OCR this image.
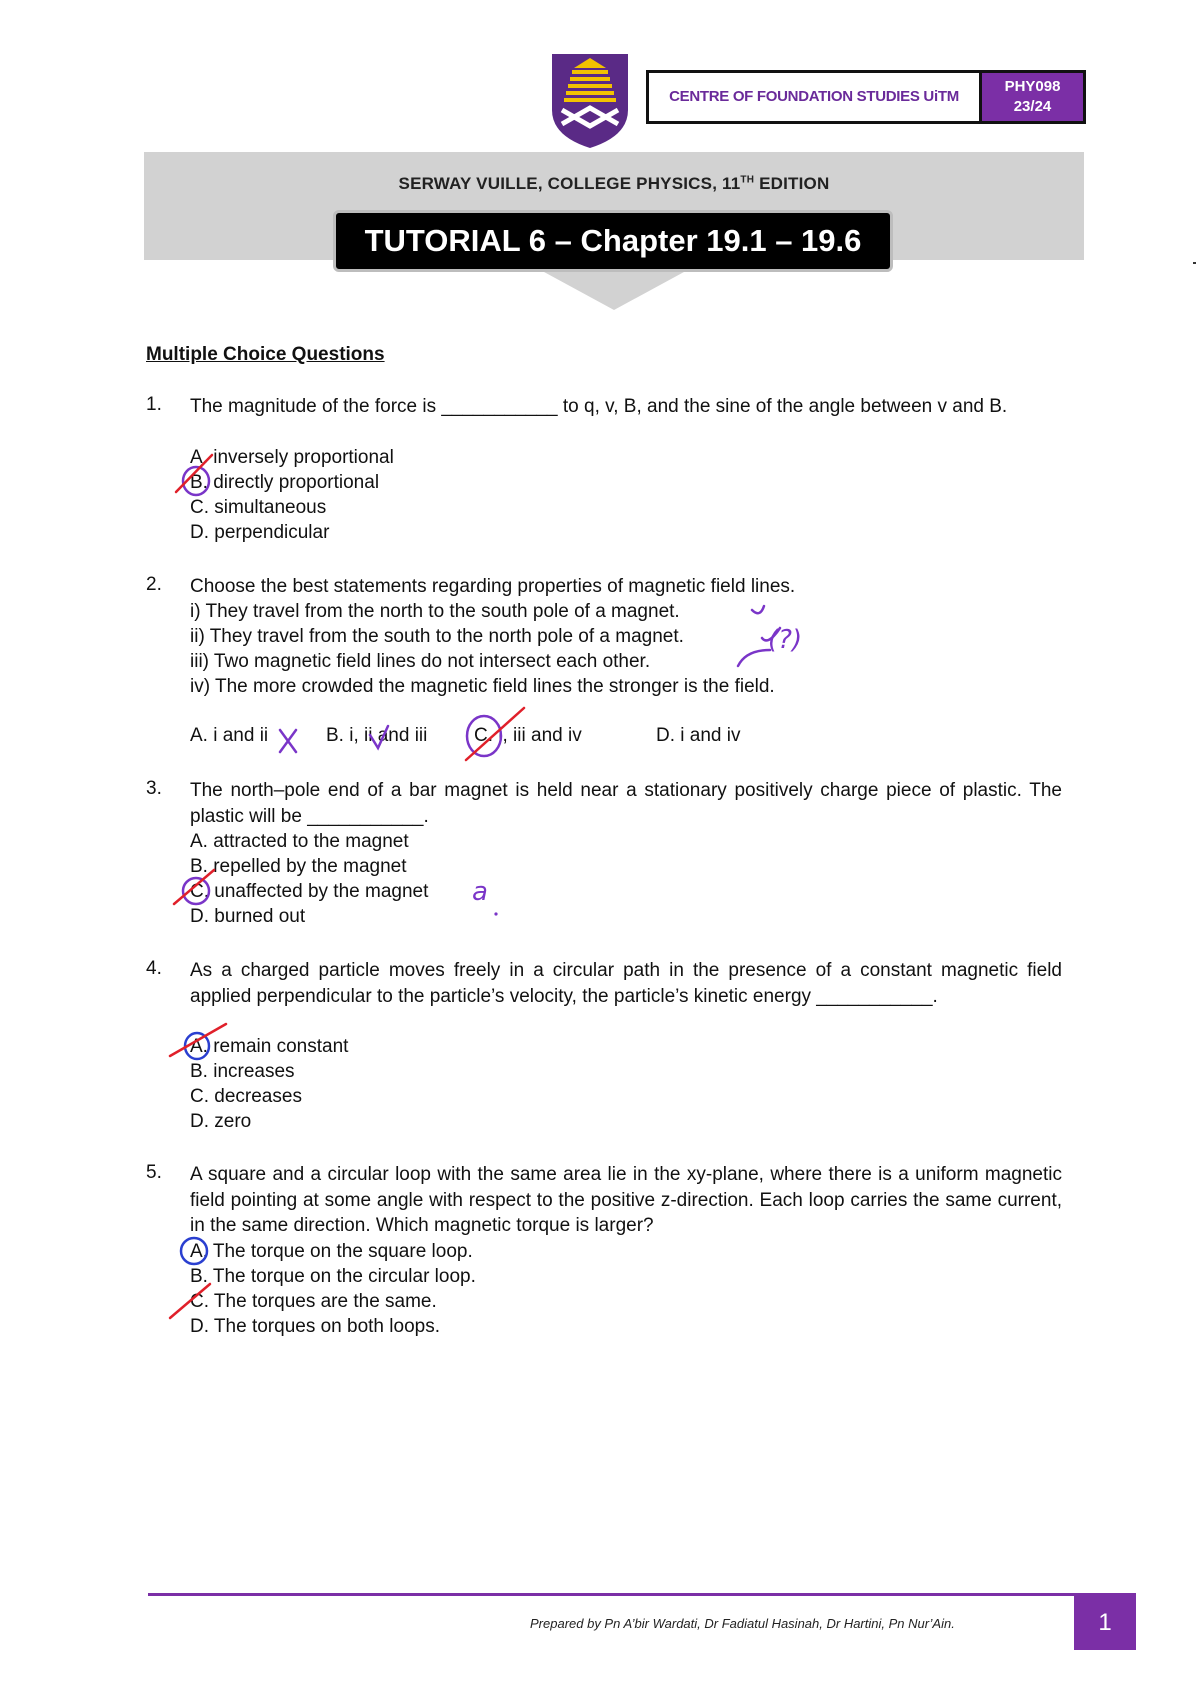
CENTRE OF FOUNDATION STUDIES UiTM
PHY098
23/24
SERWAY VUILLE, COLLEGE PHYSICS, 11TH EDITION
TUTORIAL 6 – Chapter 19.1 – 19.6
Multiple Choice Questions
1. The magnitude of the force is ___________ to q, v, B, and the sine of the angle between v and B.
A. inversely proportional
B. directly proportional
C. simultaneous
D. perpendicular
2. Choose the best statements regarding properties of magnetic field lines.
i) They travel from the north to the south pole of a magnet.
ii) They travel from the south to the north pole of a magnet.
iii) Two magnetic field lines do not intersect each other.
iv) The more crowded the magnetic field lines the stronger is the field.
A. i and ii	B. i, ii and iii C. i, iii and iv	D. i and iv
3. The north–pole end of a bar magnet is held near a stationary positively charge piece of plastic. The plastic will be ___________.
A. attracted to the magnet
B. repelled by the magnet
C. unaffected by the magnet
D. burned out
4. As a charged particle moves freely in a circular path in the presence of a constant magnetic field applied perpendicular to the particle’s velocity, the particle’s kinetic energy ___________.
A. remain constant
B. increases
C. decreases
D. zero
5. A square and a circular loop with the same area lie in the xy-plane, where there is a uniform magnetic field pointing at some angle with respect to the positive z-direction. Each loop carries the same current, in the same direction. Which magnetic torque is larger?
A. The torque on the square loop.
B. The torque on the circular loop.
C. The torques are the same.
D. The torques on both loops.
(?)
a
Prepared by Pn A’bir Wardati, Dr Fadiatul Hasinah, Dr Hartini, Pn Nur’Ain.	1
